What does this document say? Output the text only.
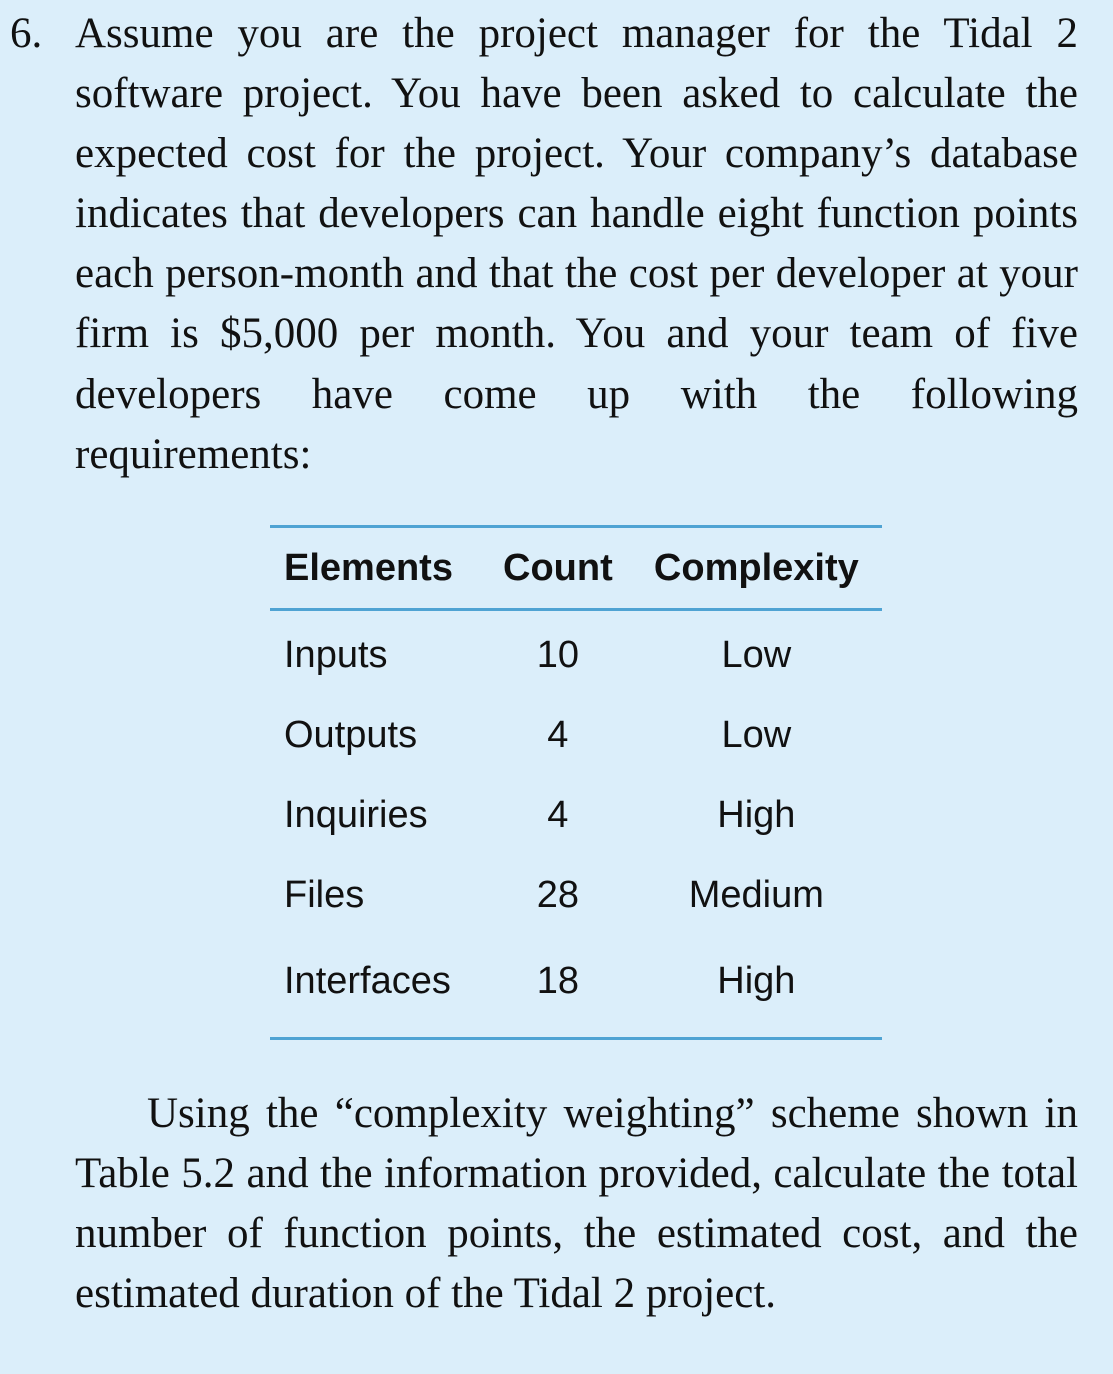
6. Assume you are the project manager for the Tidal 2 software project. You have been asked to calculate the expected cost for the project. Your company’s database indicates that developers can handle eight function points each person-month and that the cost per developer at your firm is $5,000 per month. You and your team of five developers have come up with the following requirements:

Elements	Count	Complexity
Inputs	10	Low
Outputs	4	Low
Inquiries	4	High
Files	28	Medium
Interfaces	18	High

Using the “complexity weighting” scheme shown in Table 5.2 and the information provided, calculate the total number of function points, the estimated cost, and the estimated duration of the Tidal 2 project.
